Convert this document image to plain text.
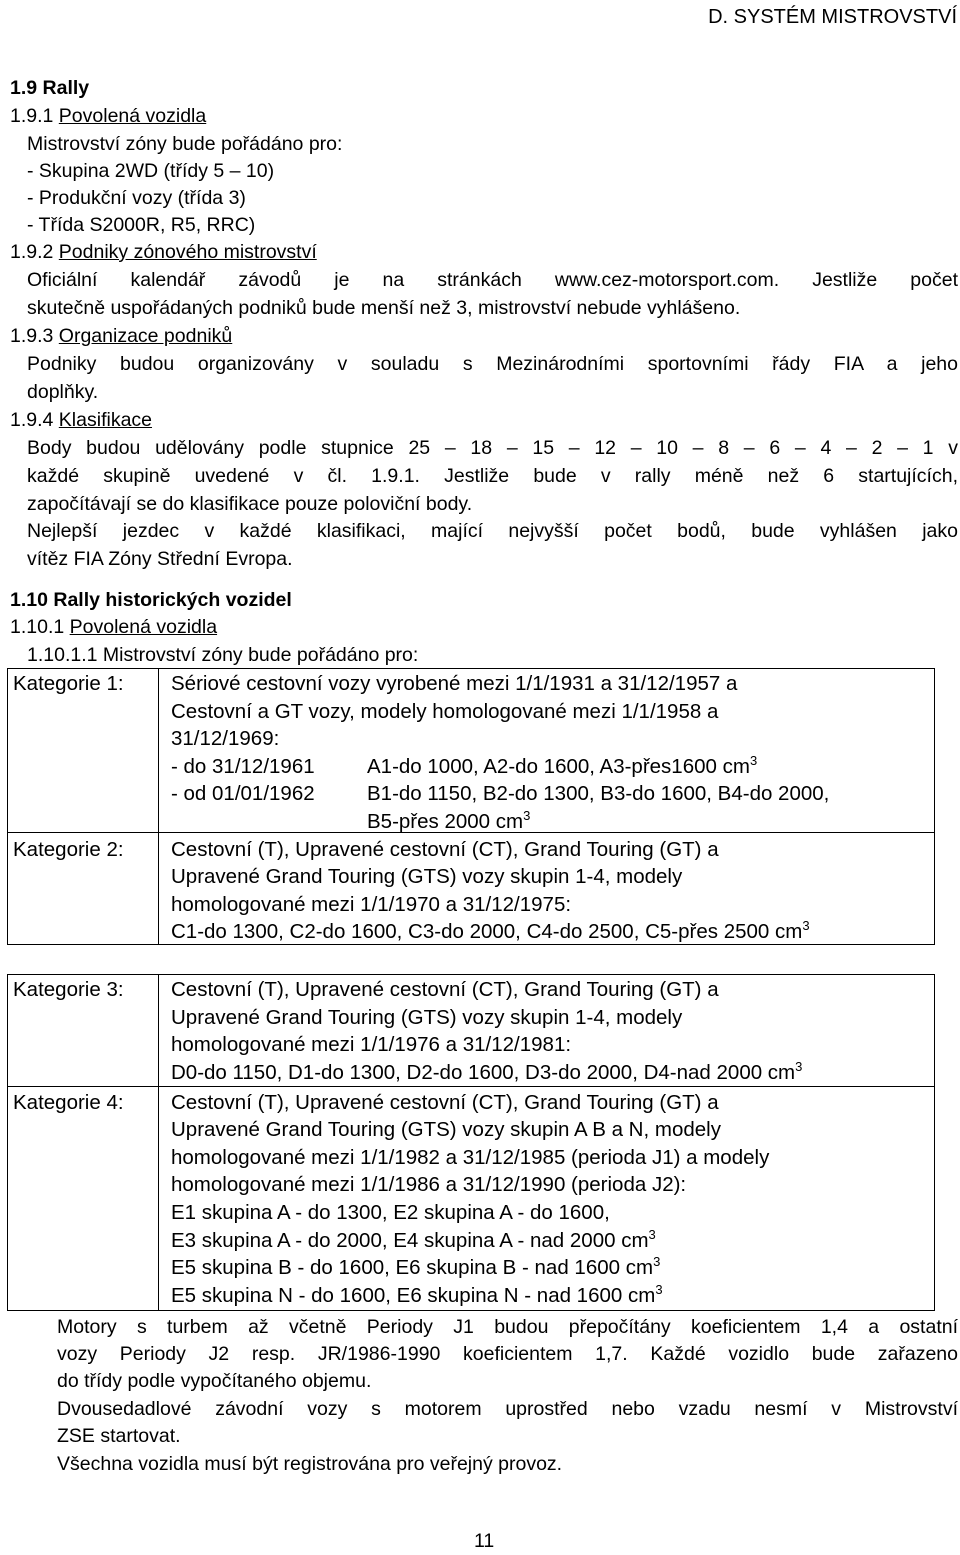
D. SYSTÉM MISTROVSTVÍ
1.9 Rally
1.9.1 Povolená vozidla
Mistrovství zóny bude pořádáno pro:
- Skupina 2WD (třídy 5 – 10)
- Produkční vozy (třída 3)
- Třída S2000R, R5, RRC)
1.9.2 Podniky zónového mistrovství
Oficiální kalendář závodů je na stránkách www.cez-motorsport.com. Jestliže počet
skutečně uspořádaných podniků bude menší než 3, mistrovství nebude vyhlášeno.
1.9.3 Organizace podniků
Podniky budou organizovány v souladu s Mezinárodními sportovními řády FIA a jeho
doplňky.
1.9.4 Klasifikace
Body budou udělovány podle stupnice 25 – 18 – 15 – 12 – 10 – 8 – 6 – 4 – 2 – 1 v
každé skupině uvedené v čl. 1.9.1. Jestliže bude v rally méně než 6 startujících,
započítávají se do klasifikace pouze poloviční body.
Nejlepší jezdec v každé klasifikaci, mající nejvyšší počet bodů, bude vyhlášen jako
vítěz FIA Zóny Střední Evropa.
1.10 Rally historických vozidel
1.10.1 Povolená vozidla
1.10.1.1 Mistrovství zóny bude pořádáno pro:
Kategorie 1: Sériové cestovní vozy vyrobené mezi 1/1/1931 a 31/12/1957 a
Cestovní a GT vozy, modely homologované mezi 1/1/1958 a
31/12/1969:
- do 31/12/1961	A1-do 1000, A2-do 1600, A3-přes1600 $cm^3$
- od 01/01/1962	B1-do 1150, B2-do 1300, B3-do 1600, B4-do 2000,
B5-přes 2000 $cm^3$
Kategorie 2: Cestovní (T), Upravené cestovní (CT), Grand Touring (GT) a
Upravené Grand Touring (GTS) vozy skupin 1-4, modely
homologované mezi 1/1/1970 a 31/12/1975:
C1-do 1300, C2-do 1600, C3-do 2000, C4-do 2500, C5-přes 2500 $cm^3$
Kategorie 3: Cestovní (T), Upravené cestovní (CT), Grand Touring (GT) a
Upravené Grand Touring (GTS) vozy skupin 1-4, modely
homologované mezi 1/1/1976 a 31/12/1981:
D0-do 1150, D1-do 1300, D2-do 1600, D3-do 2000, D4-nad 2000 $cm^3$
Kategorie 4: Cestovní (T), Upravené cestovní (CT), Grand Touring (GT) a
Upravené Grand Touring (GTS) vozy skupin A B a N, modely
homologované mezi 1/1/1982 a 31/12/1985 (perioda J1) a modely
homologované mezi 1/1/1986 a 31/12/1990 (perioda J2):
E1 skupina A - do 1300, E2 skupina A - do 1600,
E3 skupina A - do 2000, E4 skupina A - nad 2000 $cm^3$
E5 skupina B - do 1600, E6 skupina B - nad 1600 $cm^3$
E5 skupina N - do 1600, E6 skupina N - nad 1600 $cm^3$
Motory s turbem až včetně Periody J1 budou přepočítány koeficientem 1,4 a ostatní
vozy Periody J2 resp. JR/1986-1990 koeficientem 1,7. Každé vozidlo bude zařazeno
do třídy podle vypočítaného objemu.
Dvousedadlové závodní vozy s motorem uprostřed nebo vzadu nesmí v Mistrovství
ZSE startovat.
Všechna vozidla musí být registrována pro veřejný provoz.
11
